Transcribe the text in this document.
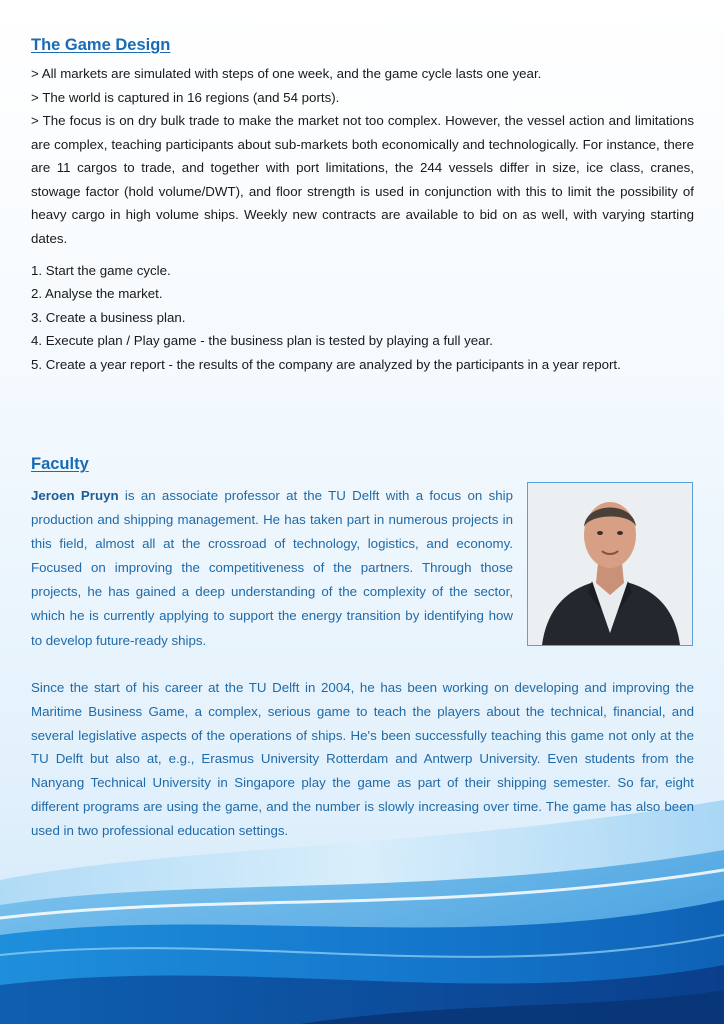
The Game Design

> All markets are simulated with steps of one week, and the game cycle lasts one year.

> The world is captured in 16 regions (and 54 ports).

> The focus is on dry bulk trade to make the market not too complex. However, the vessel action and limitations are complex, teaching participants about sub-markets both economically and technologically. For instance, there are 11 cargos to trade, and together with port limitations, the 244 vessels differ in size, ice class, cranes, stowage factor (hold volume/DWT), and floor strength is used in conjunction with this to limit the possibility of heavy cargo in high volume ships. Weekly new contracts are available to bid on as well, with varying starting dates.

1. Start the game cycle.
2. Analyse the market.
3. Create a business plan.
4. Execute plan / Play game - the business plan is tested by playing a full year.
5. Create a year report - the results of the company are analyzed by the participants in a year report.
Faculty
Jeroen Pruyn is an associate professor at the TU Delft with a focus on ship production and shipping management. He has taken part in numerous projects in this field, almost all at the crossroad of technology, logistics, and economy. Focused on improving the competitiveness of the partners. Through those projects, he has gained a deep understanding of the complexity of the sector, which he is currently applying to support the energy transition by identifying how to develop future-ready ships.
Since the start of his career at the TU Delft in 2004, he has been working on developing and improving the Maritime Business Game, a complex, serious game to teach the players about the technical, financial, and several legislative aspects of the operations of ships. He's been successfully teaching this game not only at the TU Delft but also at, e.g., Erasmus University Rotterdam and Antwerp University. Even students from the Nanyang Technical University in Singapore play the game as part of their shipping semester. So far, eight different programs are using the game, and the number is slowly increasing over time. The game has also been used in two professional education settings.
